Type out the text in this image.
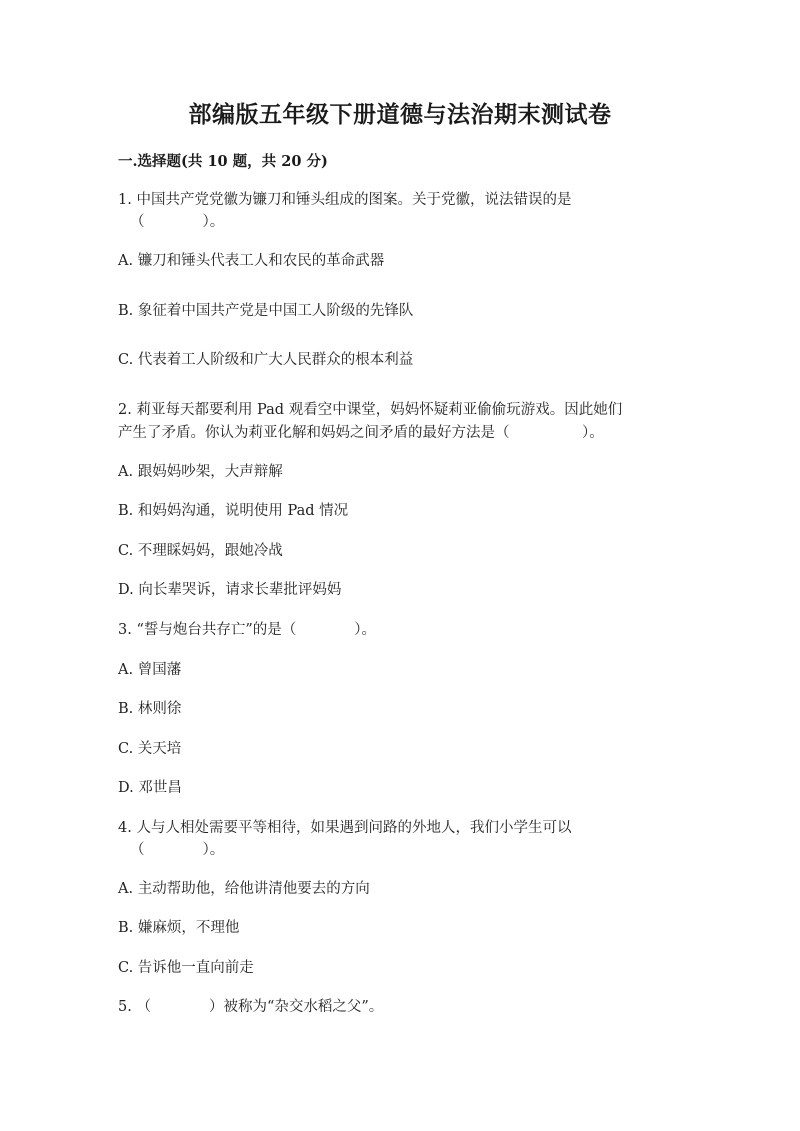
部编版五年级下册道德与法治期末测试卷
一.选择题(共 10 题，共 20 分)
1. 中国共产党党徽为镰刀和锤头组成的图案。关于党徽，说法错误的是
（　　　　）。
A. 镰刀和锤头代表工人和农民的革命武器
B. 象征着中国共产党是中国工人阶级的先锋队
C. 代表着工人阶级和广大人民群众的根本利益
2. 莉亚每天都要利用 Pad 观看空中课堂，妈妈怀疑莉亚偷偷玩游戏。因此她们
产生了矛盾。你认为莉亚化解和妈妈之间矛盾的最好方法是（　　　　　）。
A. 跟妈妈吵架，大声辩解
B. 和妈妈沟通，说明使用 Pad 情况
C. 不理睬妈妈，跟她冷战
D. 向长辈哭诉，请求长辈批评妈妈
3. “誓与炮台共存亡”的是（　　　　）。
A. 曾国藩
B. 林则徐
C. 关天培
D. 邓世昌
4. 人与人相处需要平等相待，如果遇到问路的外地人，我们小学生可以
（　　　　）。
A. 主动帮助他，给他讲清他要去的方向
B. 嫌麻烦，不理他
C. 告诉他一直向前走
5. （　　　　）被称为“杂交水稻之父”。
